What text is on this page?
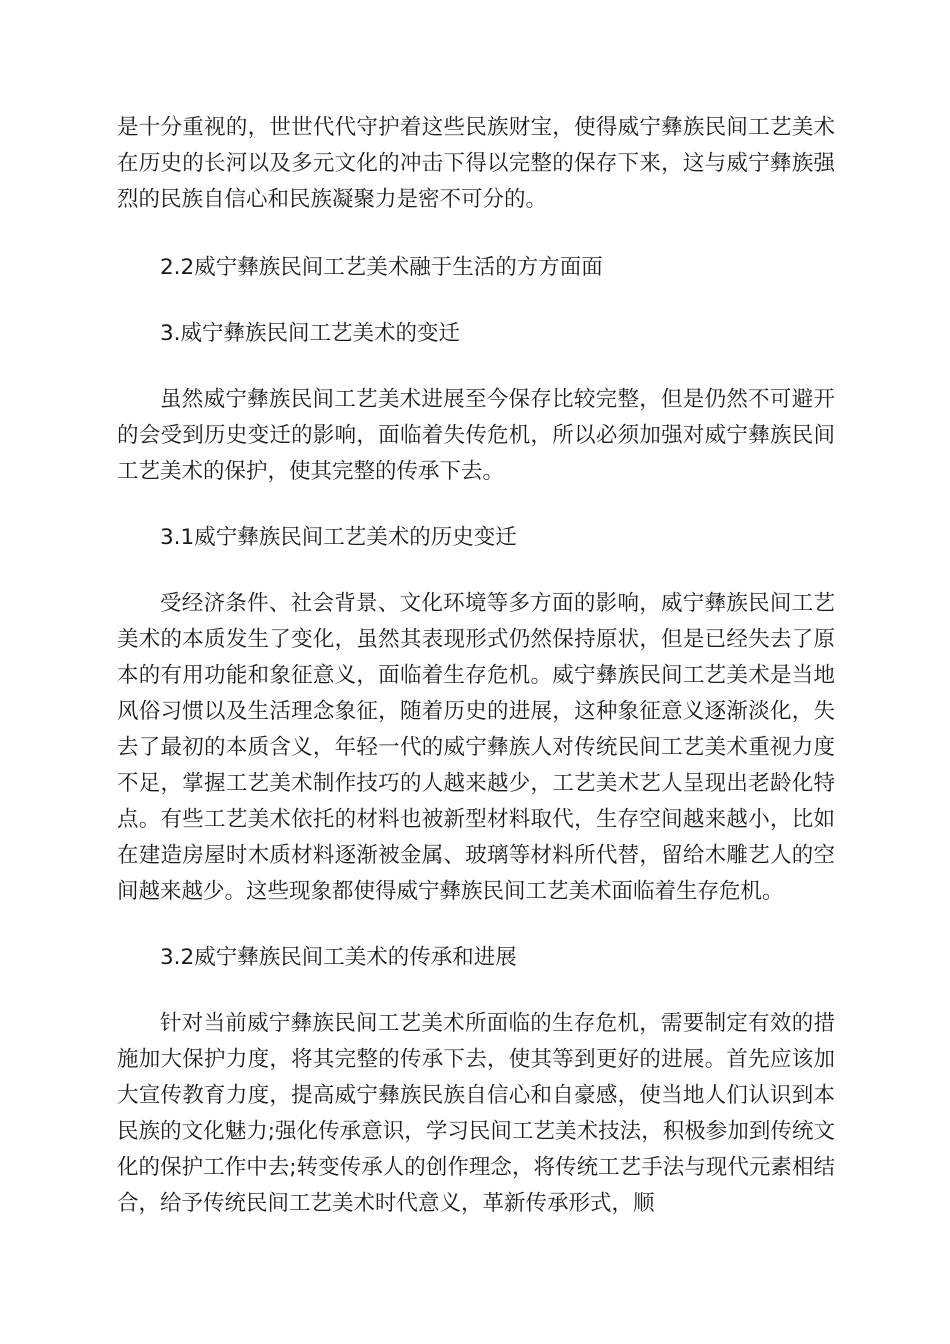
是十分重视的，世世代代守护着这些民族财宝，使得威宁彝族民间工艺美术在历史的长河以及多元文化的冲击下得以完整的保存下来，这与威宁彝族强烈的民族自信心和民族凝聚力是密不可分的。

2.2威宁彝族民间工艺美术融于生活的方方面面

3.威宁彝族民间工艺美术的变迁

虽然威宁彝族民间工艺美术进展至今保存比较完整，但是仍然不可避开的会受到历史变迁的影响，面临着失传危机，所以必须加强对威宁彝族民间工艺美术的保护，使其完整的传承下去。

3.1威宁彝族民间工艺美术的历史变迁

受经济条件、社会背景、文化环境等多方面的影响，威宁彝族民间工艺美术的本质发生了变化，虽然其表现形式仍然保持原状，但是已经失去了原本的有用功能和象征意义，面临着生存危机。威宁彝族民间工艺美术是当地风俗习惯以及生活理念象征，随着历史的进展，这种象征意义逐渐淡化，失去了最初的本质含义，年轻一代的威宁彝族人对传统民间工艺美术重视力度不足，掌握工艺美术制作技巧的人越来越少，工艺美术艺人呈现出老龄化特点。有些工艺美术依托的材料也被新型材料取代，生存空间越来越小，比如在建造房屋时木质材料逐渐被金属、玻璃等材料所代替，留给木雕艺人的空间越来越少。这些现象都使得威宁彝族民间工艺美术面临着生存危机。

3.2威宁彝族民间工美术的传承和进展

针对当前威宁彝族民间工艺美术所面临的生存危机，需要制定有效的措施加大保护力度，将其完整的传承下去，使其等到更好的进展。首先应该加大宣传教育力度，提高威宁彝族民族自信心和自豪感，使当地人们认识到本民族的文化魅力;强化传承意识，学习民间工艺美术技法，积极参加到传统文化的保护工作中去;转变传承人的创作理念，将传统工艺手法与现代元素相结合，给予传统民间工艺美术时代意义，革新传承形式，顺
